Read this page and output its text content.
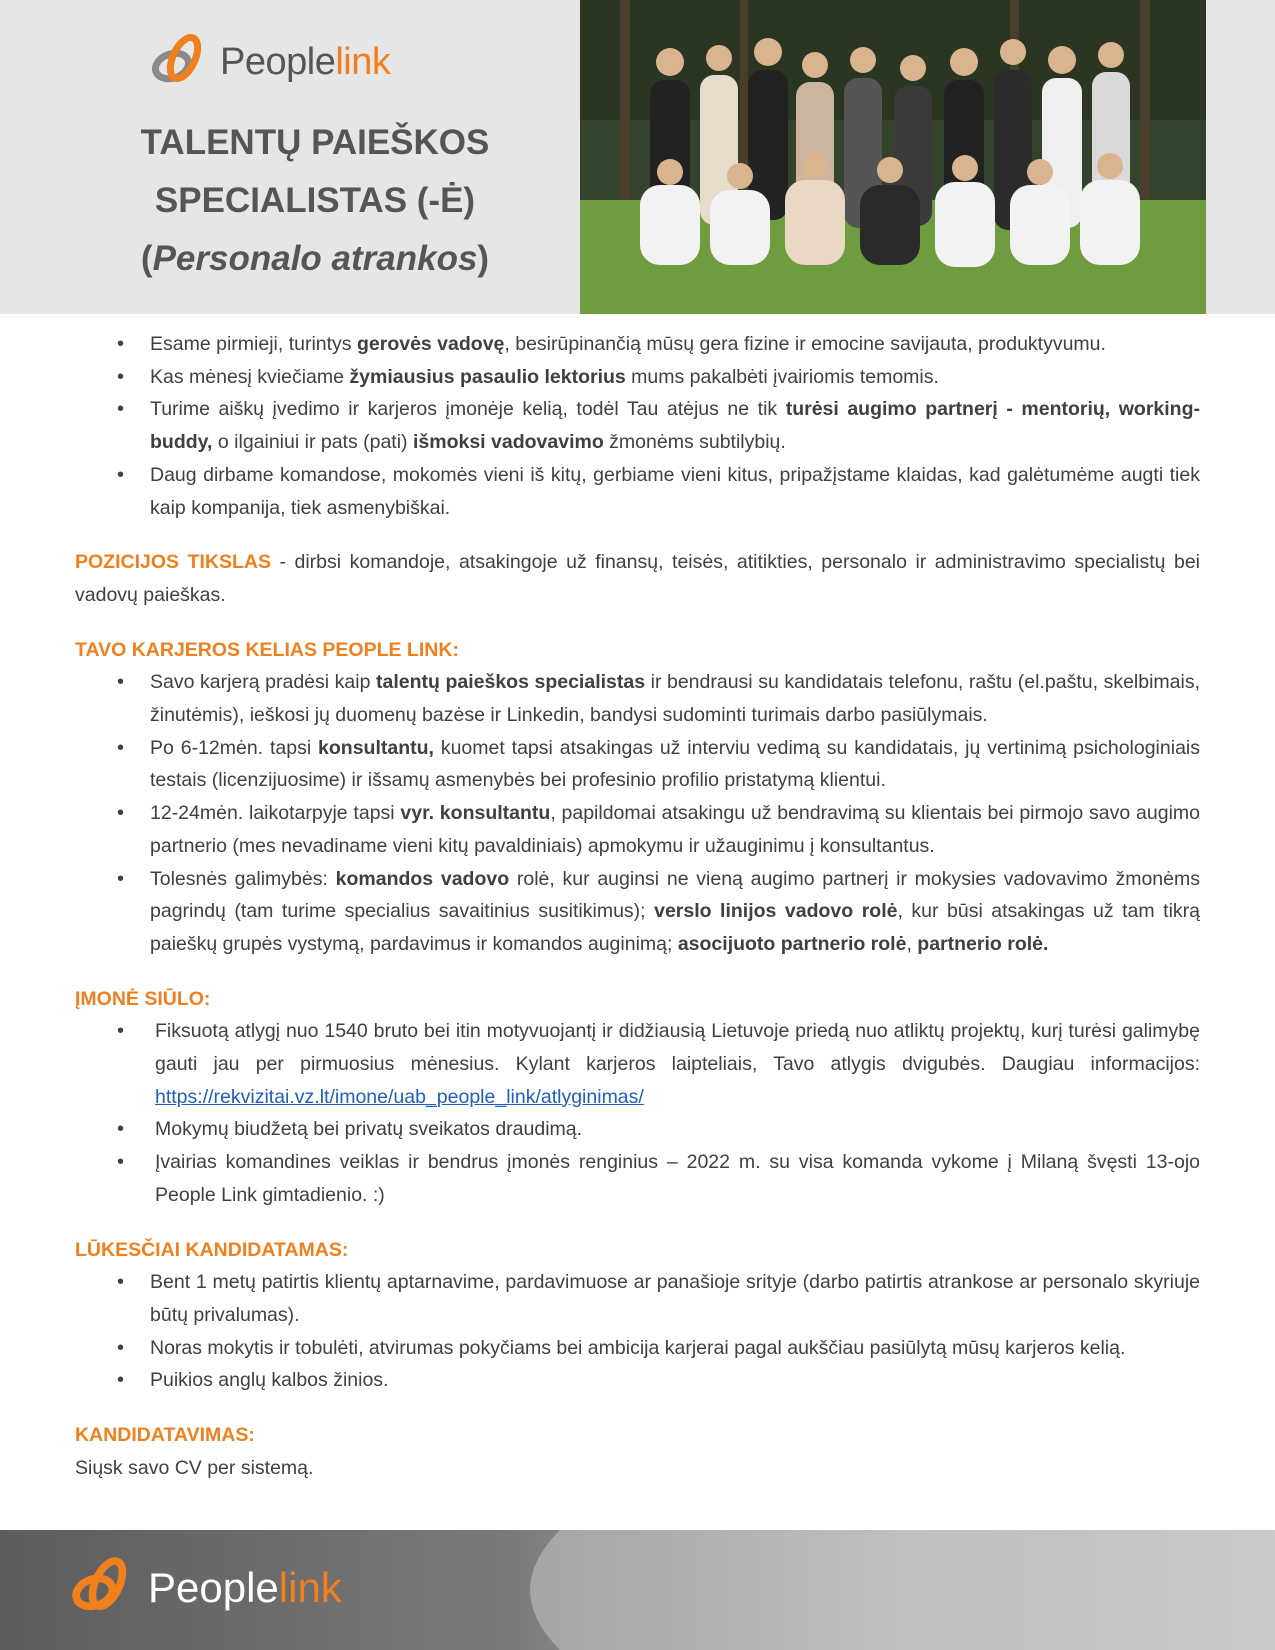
Peoplelink
TALENTŲ PAIEŠKOS
SPECIALISTAS (-Ė)
(Personalo atrankos)
• Esame pirmieji, turintys gerovės vadovę, besirūpinančią mūsų gera fizine ir emocine savijauta, produktyvumu.
• Kas mėnesį kviečiame žymiausius pasaulio lektorius mums pakalbėti įvairiomis temomis.
• Turime aiškų įvedimo ir karjeros įmonėje kelią, todėl Tau atėjus ne tik turėsi augimo partnerį - mentorių, working-buddy, o ilgainiui ir pats (pati) išmoksi vadovavimo žmonėms subtilybių.
• Daug dirbame komandose, mokomės vieni iš kitų, gerbiame vieni kitus, pripažįstame klaidas, kad galėtumėme augti tiek kaip kompanija, tiek asmenybiškai.

POZICIJOS TIKSLAS - dirbsi komandoje, atsakingoje už finansų, teisės, atitikties, personalo ir administravimo specialistų bei vadovų paieškas.

TAVO KARJEROS KELIAS PEOPLE LINK:
• Savo karjerą pradėsi kaip talentų paieškos specialistas ir bendrausi su kandidatais telefonu, raštu (el.paštu, skelbimais, žinutėmis), ieškosi jų duomenų bazėse ir Linkedin, bandysi sudominti turimais darbo pasiūlymais.
• Po 6-12mėn. tapsi konsultantu, kuomet tapsi atsakingas už interviu vedimą su kandidatais, jų vertinimą psichologiniais testais (licenzijuosime) ir išsamų asmenybės bei profesinio profilio pristatymą klientui.
• 12-24mėn. laikotarpyje tapsi vyr. konsultantu, papildomai atsakingu už bendravimą su klientais bei pirmojo savo augimo partnerio (mes nevadiname vieni kitų pavaldiniais) apmokymu ir užauginimu į konsultantus.
• Tolesnės galimybės: komandos vadovo rolė, kur auginsi ne vieną augimo partnerį ir mokysies vadovavimo žmonėms pagrindų (tam turime specialius savaitinius susitikimus); verslo linijos vadovo rolė, kur būsi atsakingas už tam tikrą paieškų grupės vystymą, pardavimus ir komandos auginimą; asocijuoto partnerio rolė, partnerio rolė.
ĮMONĖ SIŪLO:
• Fiksuotą atlygį nuo 1540 bruto bei itin motyvuojantį ir didžiausią Lietuvoje priedą nuo atliktų projektų, kurį turėsi galimybę gauti jau per pirmuosius mėnesius. Kylant karjeros laipteliais, Tavo atlygis dvigubės. Daugiau informacijos: https://rekvizitai.vz.lt/imone/uab_people_link/atlyginimas/
• Mokymų biudžetą bei privatų sveikatos draudimą.
• Įvairias komandines veiklas ir bendrus įmonės renginius – 2022 m. su visa komanda vykome į Milaną švęsti 13-ojo People Link gimtadienio. :)
LŪKESČIAI KANDIDATAMAS:
• Bent 1 metų patirtis klientų aptarnavime, pardavimuose ar panašioje srityje (darbo patirtis atrankose ar personalo skyriuje būtų privalumas).
• Noras mokytis ir tobulėti, atvirumas pokyčiams bei ambicija karjerai pagal aukščiau pasiūlytą mūsų karjeros kelią.
• Puikios anglų kalbos žinios.
KANDIDATAVIMAS:

Siųsk savo CV per sistemą.

Peoplelink
